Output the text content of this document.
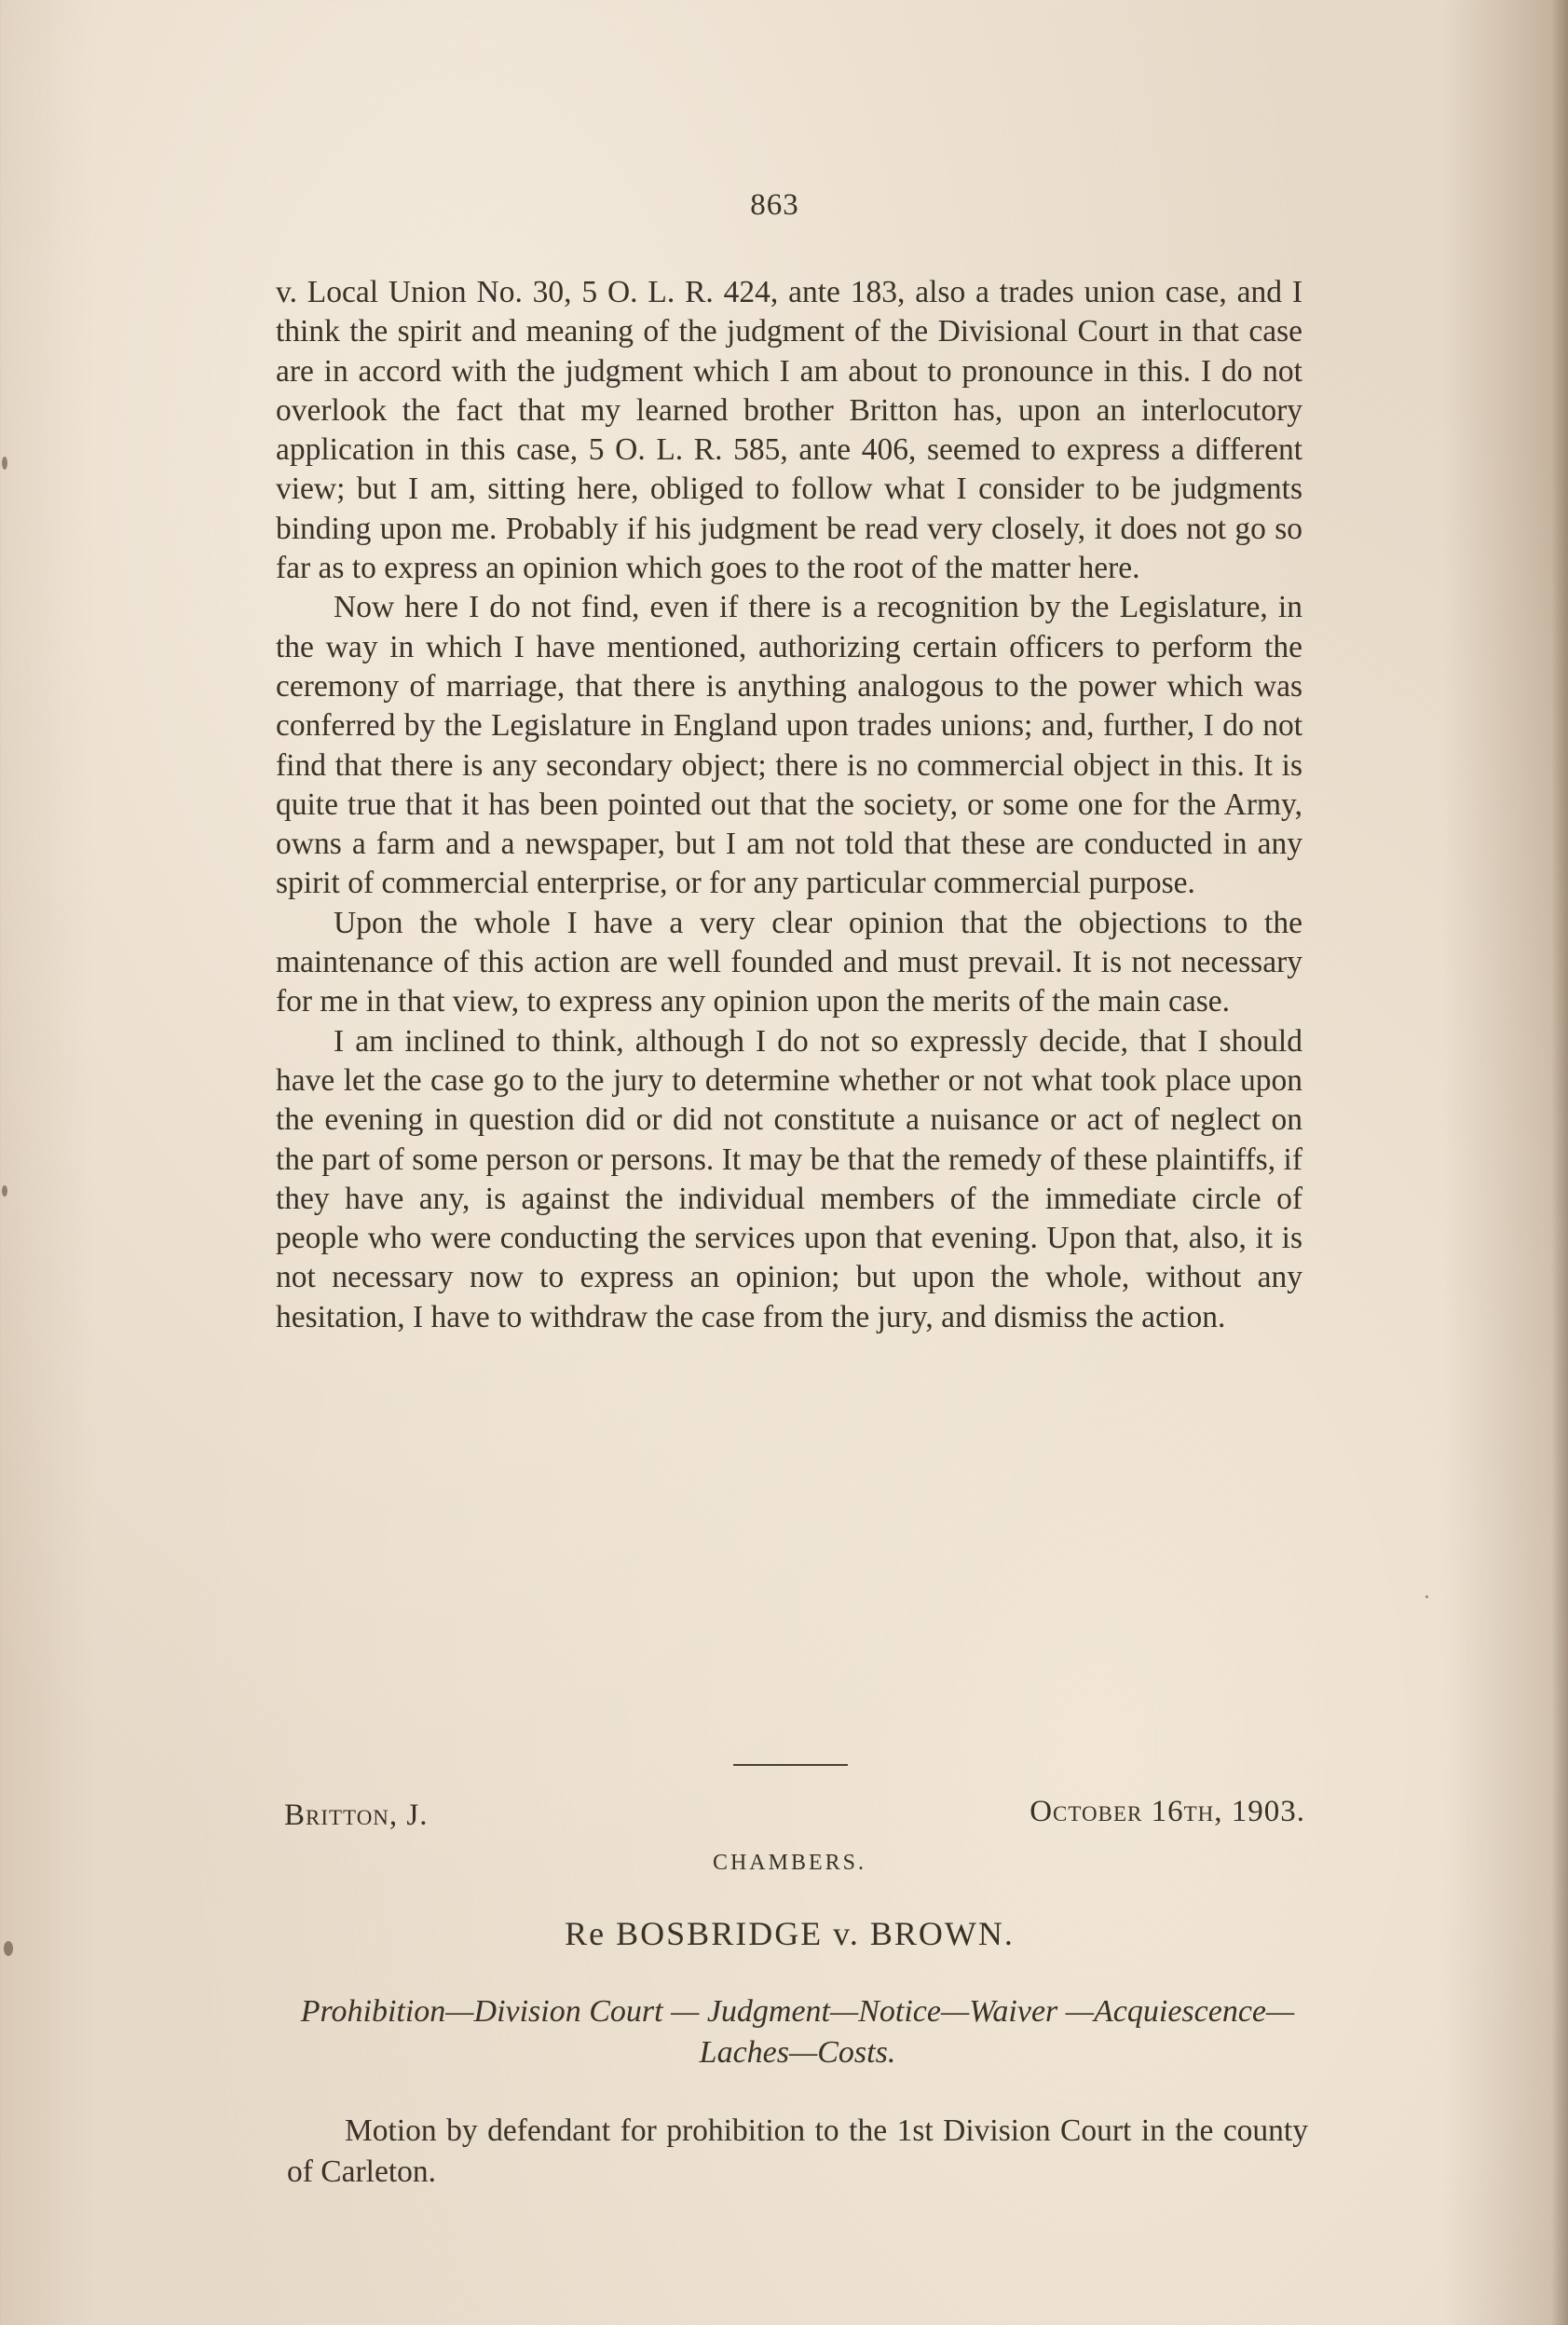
863

v. Local Union No. 30, 5 O. L. R. 424, ante 183, also a trades union case, and I think the spirit and meaning of the judgment of the Divisional Court in that case are in accord with the judgment which I am about to pronounce in this. I do not overlook the fact that my learned brother Britton has, upon an interlocutory application in this case, 5 O. L. R. 585, ante 406, seemed to express a different view; but I am, sitting here, obliged to follow what I consider to be judgments binding upon me. Probably if his judgment be read very closely, it does not go so far as to express an opinion which goes to the root of the matter here.

Now here I do not find, even if there is a recognition by the Legislature, in the way in which I have mentioned, authorizing certain officers to perform the ceremony of marriage, that there is anything analogous to the power which was conferred by the Legislature in England upon trades unions; and, further, I do not find that there is any secondary object; there is no commercial object in this. It is quite true that it has been pointed out that the society, or some one for the Army, owns a farm and a newspaper, but I am not told that these are conducted in any spirit of commercial enterprise, or for any particular commercial purpose.

Upon the whole I have a very clear opinion that the objections to the maintenance of this action are well founded and must prevail. It is not necessary for me in that view, to express any opinion upon the merits of the main case.

I am inclined to think, although I do not so expressly decide, that I should have let the case go to the jury to determine whether or not what took place upon the evening in question did or did not constitute a nuisance or act of neglect on the part of some person or persons. It may be that the remedy of these plaintiffs, if they have any, is against the individual members of the immediate circle of people who were conducting the services upon that evening. Upon that, also, it is not necessary now to express an opinion; but upon the whole, without any hesitation, I have to withdraw the case from the jury, and dismiss the action.

Britton, J.	October 16th, 1903.
CHAMBERS.
Re BOSBRIDGE v. BROWN.
Prohibition—Division Court — Judgment—Notice—Waiver —Acquiescence—Laches—Costs.
Motion by defendant for prohibition to the 1st Division Court in the county of Carleton.
